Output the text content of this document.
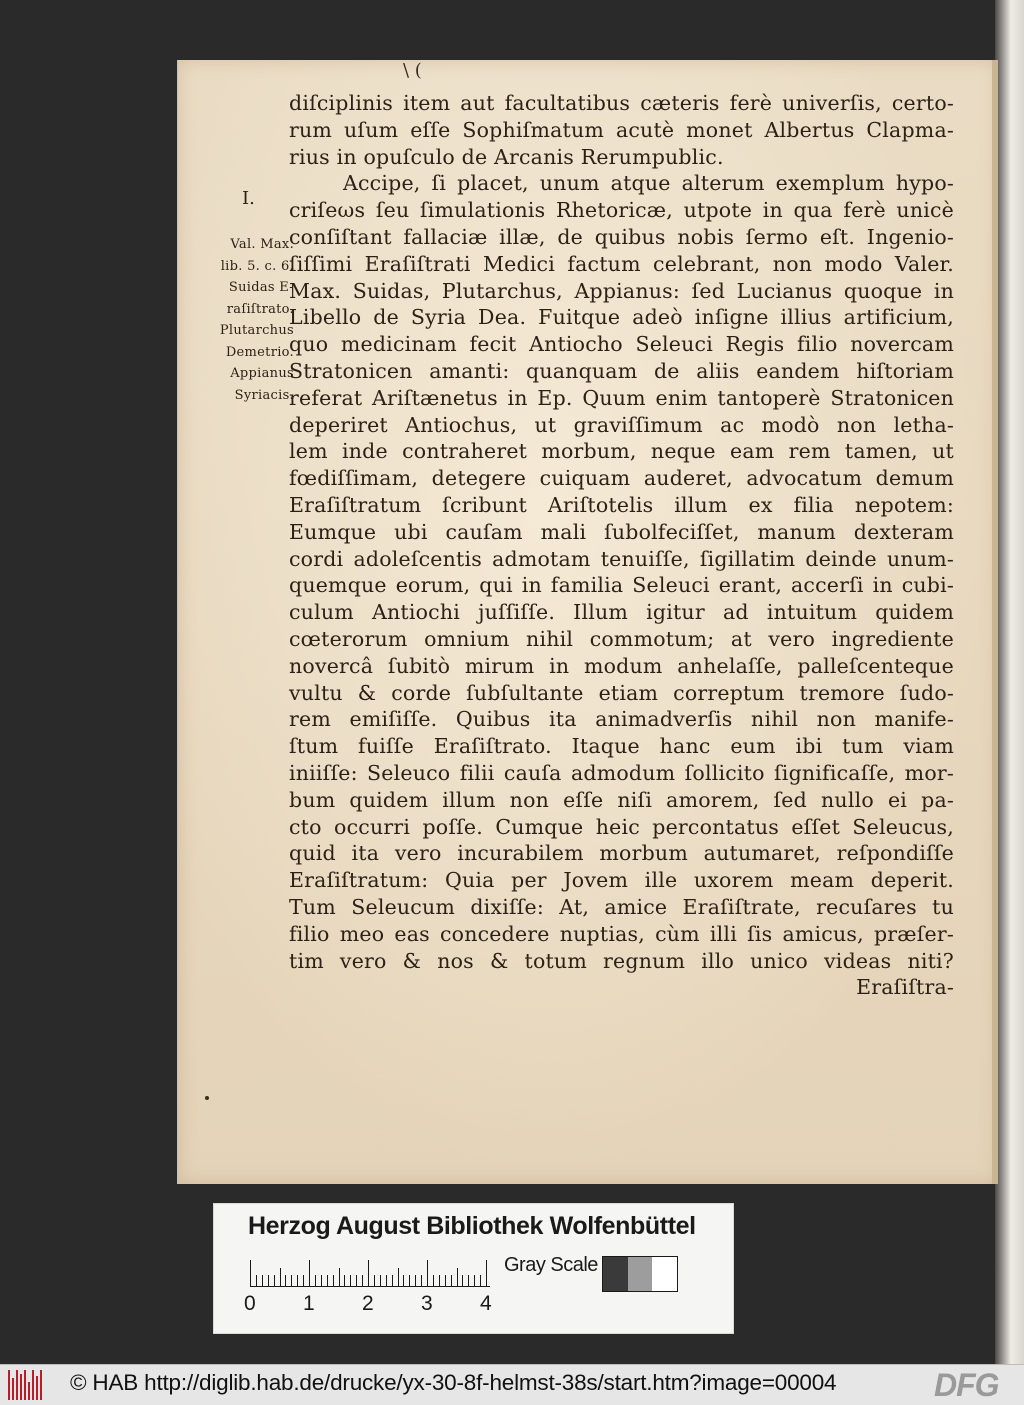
\ (
I.
diſciplinis item aut facultatibus cæteris ferè univerſis, certo-
rum uſum eſſe Sophiſmatum acutè monet Albertus Clapma-
rius in opuſculo de Arcanis Rerumpublic.
Accipe, ſi placet, unum atque alterum exemplum hypo-
criſeωs ſeu ſimulationis Rhetoricæ, utpote in qua ferè unicè
conſiſtant fallaciæ illæ, de quibus nobis ſermo eſt. Ingenio-
ſiſſimi Eraſiſtrati Medici factum celebrant, non modo Valer.
Max. Suidas, Plutarchus, Appianus: ſed Lucianus quoque in
Libello de Syria Dea. Fuitque adeò inſigne illius artificium,
quo medicinam fecit Antiocho Seleuci Regis filio novercam
Stratonicen amanti: quanquam de aliis eandem hiſtoriam
referat Ariſtænetus in Ep. Quum enim tantoperè Stratonicen
deperiret Antiochus, ut graviſſimum ac modò non letha-
lem inde contraheret morbum, neque eam rem tamen, ut
fœdiſſimam, detegere cuiquam auderet, advocatum demum
Eraſiſtratum ſcribunt Ariſtotelis illum ex filia nepotem:
Eumque ubi cauſam mali ſubolfeciſſet, manum dexteram
cordi adoleſcentis admotam tenuiſſe, ſigillatim deinde unum-
quemque eorum, qui in familia Seleuci erant, accerſi in cubi-
culum Antiochi juſſiſſe. Illum igitur ad intuitum quidem
cœterorum omnium nihil commotum; at vero ingrediente
novercâ ſubitò mirum in modum anhelaſſe, palleſcenteque
vultu & corde ſubſultante etiam correptum tremore ſudo-
rem emiſiſſe. Quibus ita animadverſis nihil non manife-
ſtum fuiſſe Eraſiſtrato. Itaque hanc eum ibi tum viam
iniiſſe: Seleuco filii cauſa admodum ſollicito ſignificaſſe, mor-
bum quidem illum non eſſe niſi amorem, ſed nullo ei pa-
cto occurri poſſe. Cumque heic percontatus eſſet Seleucus,
quid ita vero incurabilem morbum autumaret, reſpondiſſe
Eraſiſtratum: Quia per Jovem ille uxorem meam deperit.
Tum Seleucum dixiſſe: At, amice Eraſiſtrate, recuſares tu
filio meo eas concedere nuptias, cùm illi ſis amicus, præſer-
tim vero & nos & totum regnum illo unico videas niti?
Eraſiſtra-
Val. Max.
lib. 5. c. 6.
Suidas E-
raſiſtrato.
Plutarchus
Demetrio.
Appianus
Syriacis.
Herzog August Bibliothek Wolfenbüttel
0 1 2 3 4
Gray Scale
© HAB http://diglib.hab.de/drucke/yx-30-8f-helmst-38s/start.htm?image=00004	DFG
